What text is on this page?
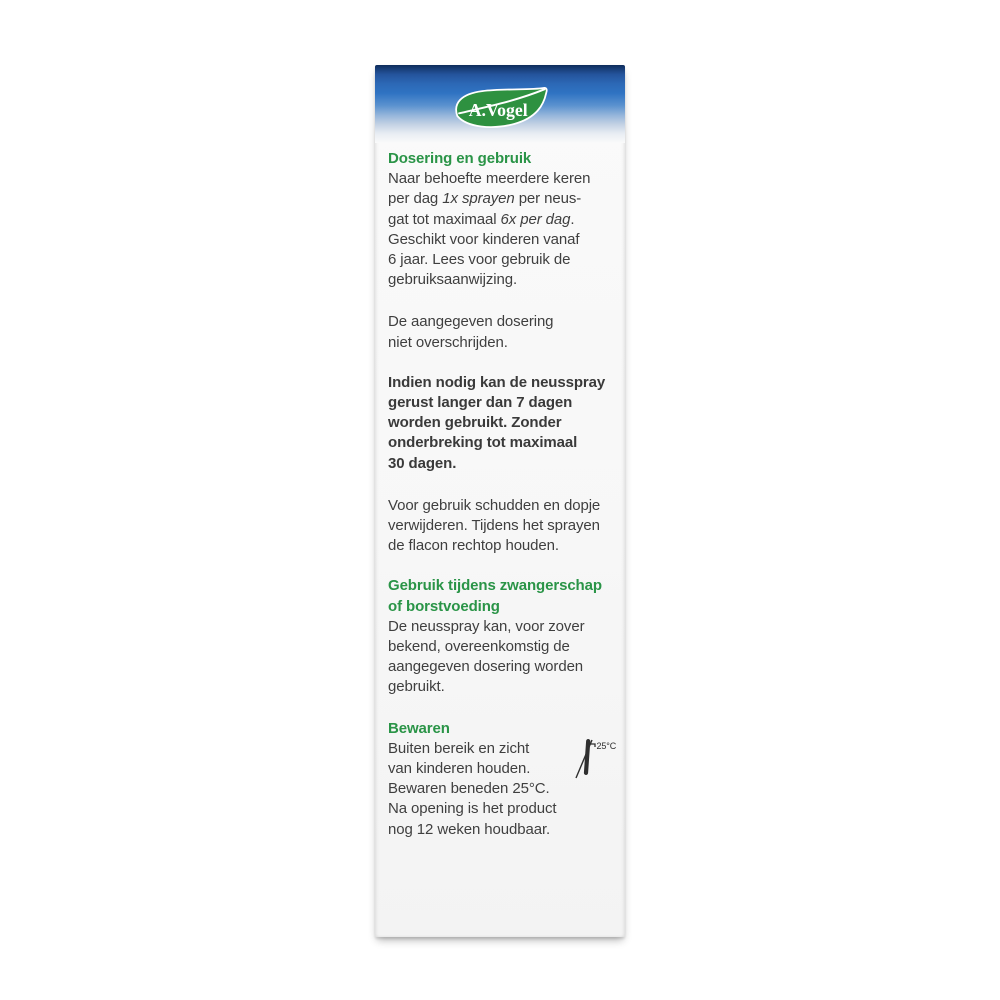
A.Vogel
Dosering en gebruik
Naar behoefte meerdere keren
per dag 1x sprayen per neus-
gat tot maximaal 6x per dag.
Geschikt voor kinderen vanaf
6 jaar. Lees voor gebruik de
gebruiksaanwijzing.
De aangegeven dosering
niet overschrijden.
Indien nodig kan de neusspray
gerust langer dan 7 dagen
worden gebruikt. Zonder
onderbreking tot maximaal
30 dagen.
Voor gebruik schudden en dopje
verwijderen. Tijdens het sprayen
de flacon rechtop houden.
Gebruik tijdens zwangerschap
of borstvoeding
De neusspray kan, voor zover
bekend, overeenkomstig de
aangegeven dosering worden
gebruikt.
Bewaren
Buiten bereik en zicht
van kinderen houden.
Bewaren beneden 25°C.
Na opening is het product
nog 12 weken houdbaar.
25°C
